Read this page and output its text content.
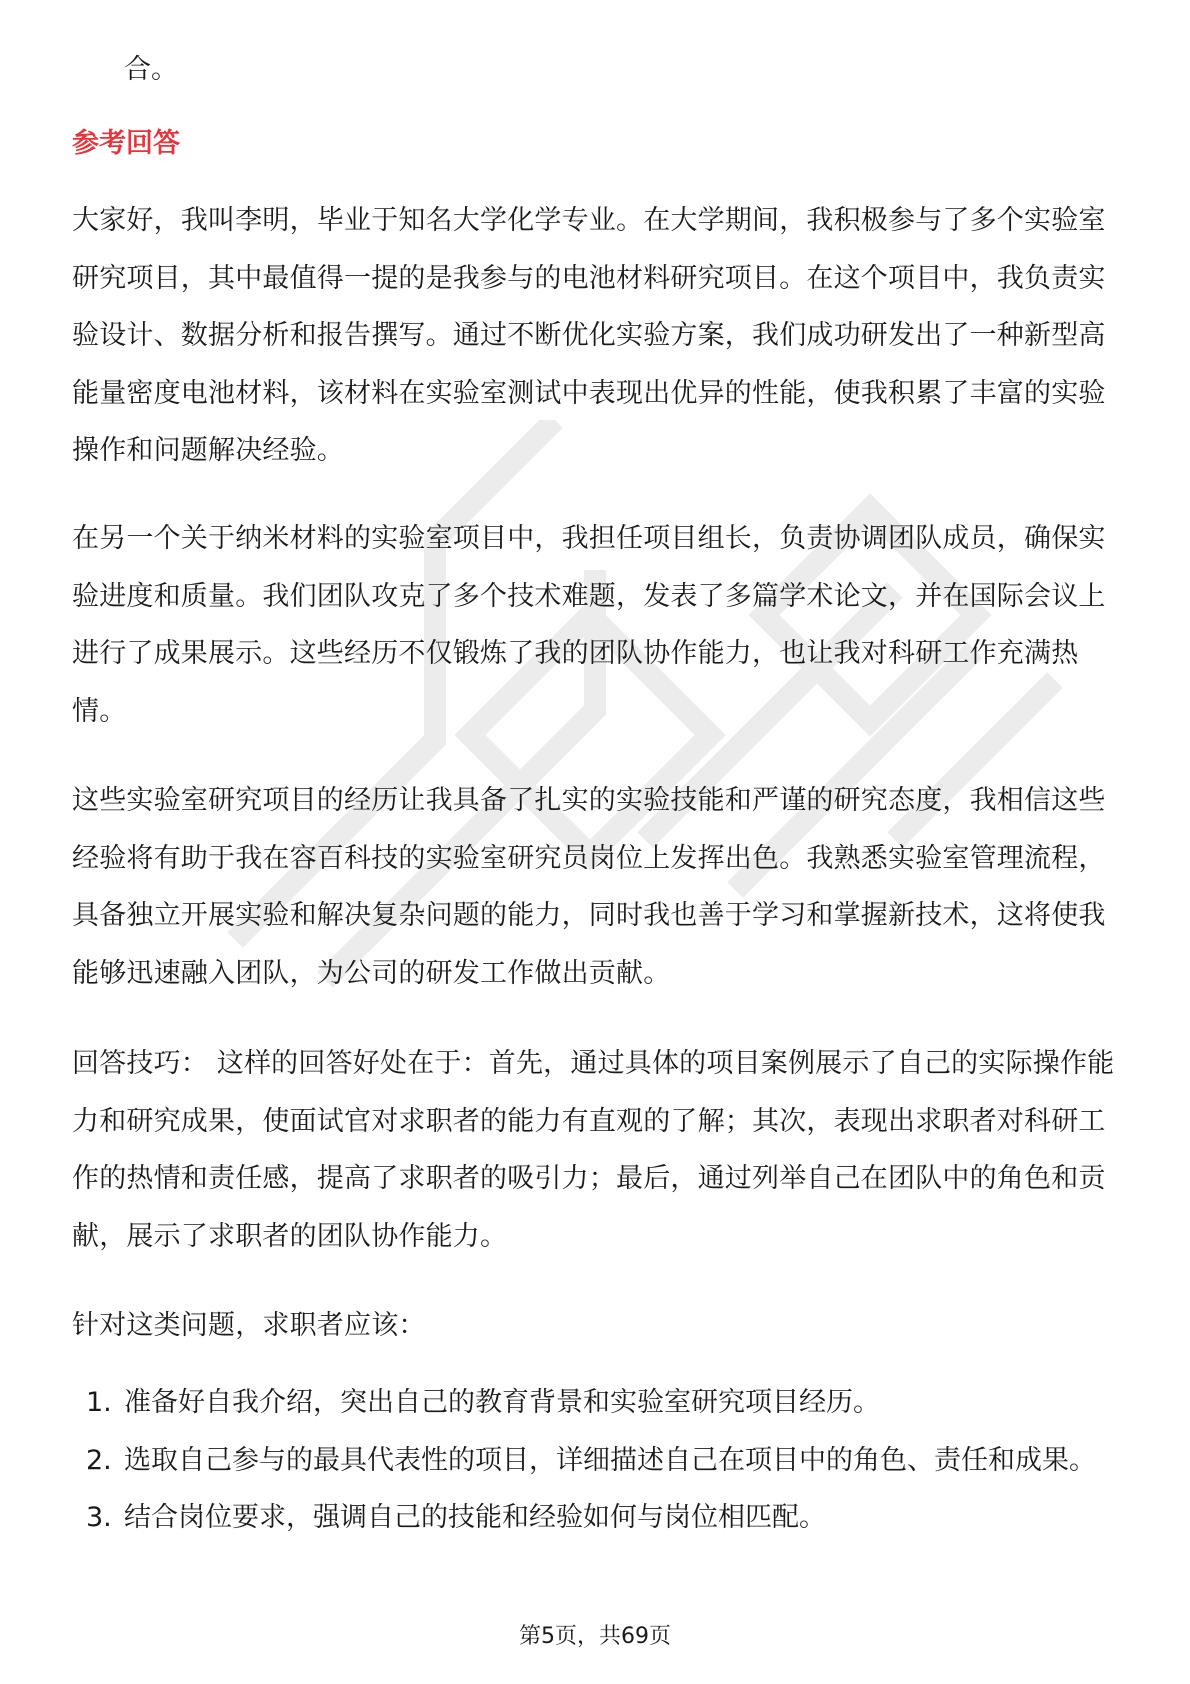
合。

参考回答

大家好，我叫李明，毕业于知名大学化学专业。在大学期间，我积极参与了多个实验室研究项目，其中最值得一提的是我参与的电池材料研究项目。在这个项目中，我负责实验设计、数据分析和报告撰写。通过不断优化实验方案，我们成功研发出了一种新型高能量密度电池材料，该材料在实验室测试中表现出优异的性能，使我积累了丰富的实验操作和问题解决经验。

在另一个关于纳米材料的实验室项目中，我担任项目组长，负责协调团队成员，确保实验进度和质量。我们团队攻克了多个技术难题，发表了多篇学术论文，并在国际会议上进行了成果展示。这些经历不仅锻炼了我的团队协作能力，也让我对科研工作充满热情。

这些实验室研究项目的经历让我具备了扎实的实验技能和严谨的研究态度，我相信这些经验将有助于我在容百科技的实验室研究员岗位上发挥出色。我熟悉实验室管理流程，具备独立开展实验和解决复杂问题的能力，同时我也善于学习和掌握新技术，这将使我能够迅速融入团队，为公司的研发工作做出贡献。

回答技巧： 这样的回答好处在于：首先，通过具体的项目案例展示了自己的实际操作能力和研究成果，使面试官对求职者的能力有直观的了解；其次，表现出求职者对科研工作的热情和责任感，提高了求职者的吸引力；最后，通过列举自己在团队中的角色和贡献，展示了求职者的团队协作能力。

针对这类问题，求职者应该：

1. 准备好自我介绍，突出自己的教育背景和实验室研究项目经历。
2. 选取自己参与的最具代表性的项目，详细描述自己在项目中的角色、责任和成果。
3. 结合岗位要求，强调自己的技能和经验如何与岗位相匹配。
第5页，共69页
